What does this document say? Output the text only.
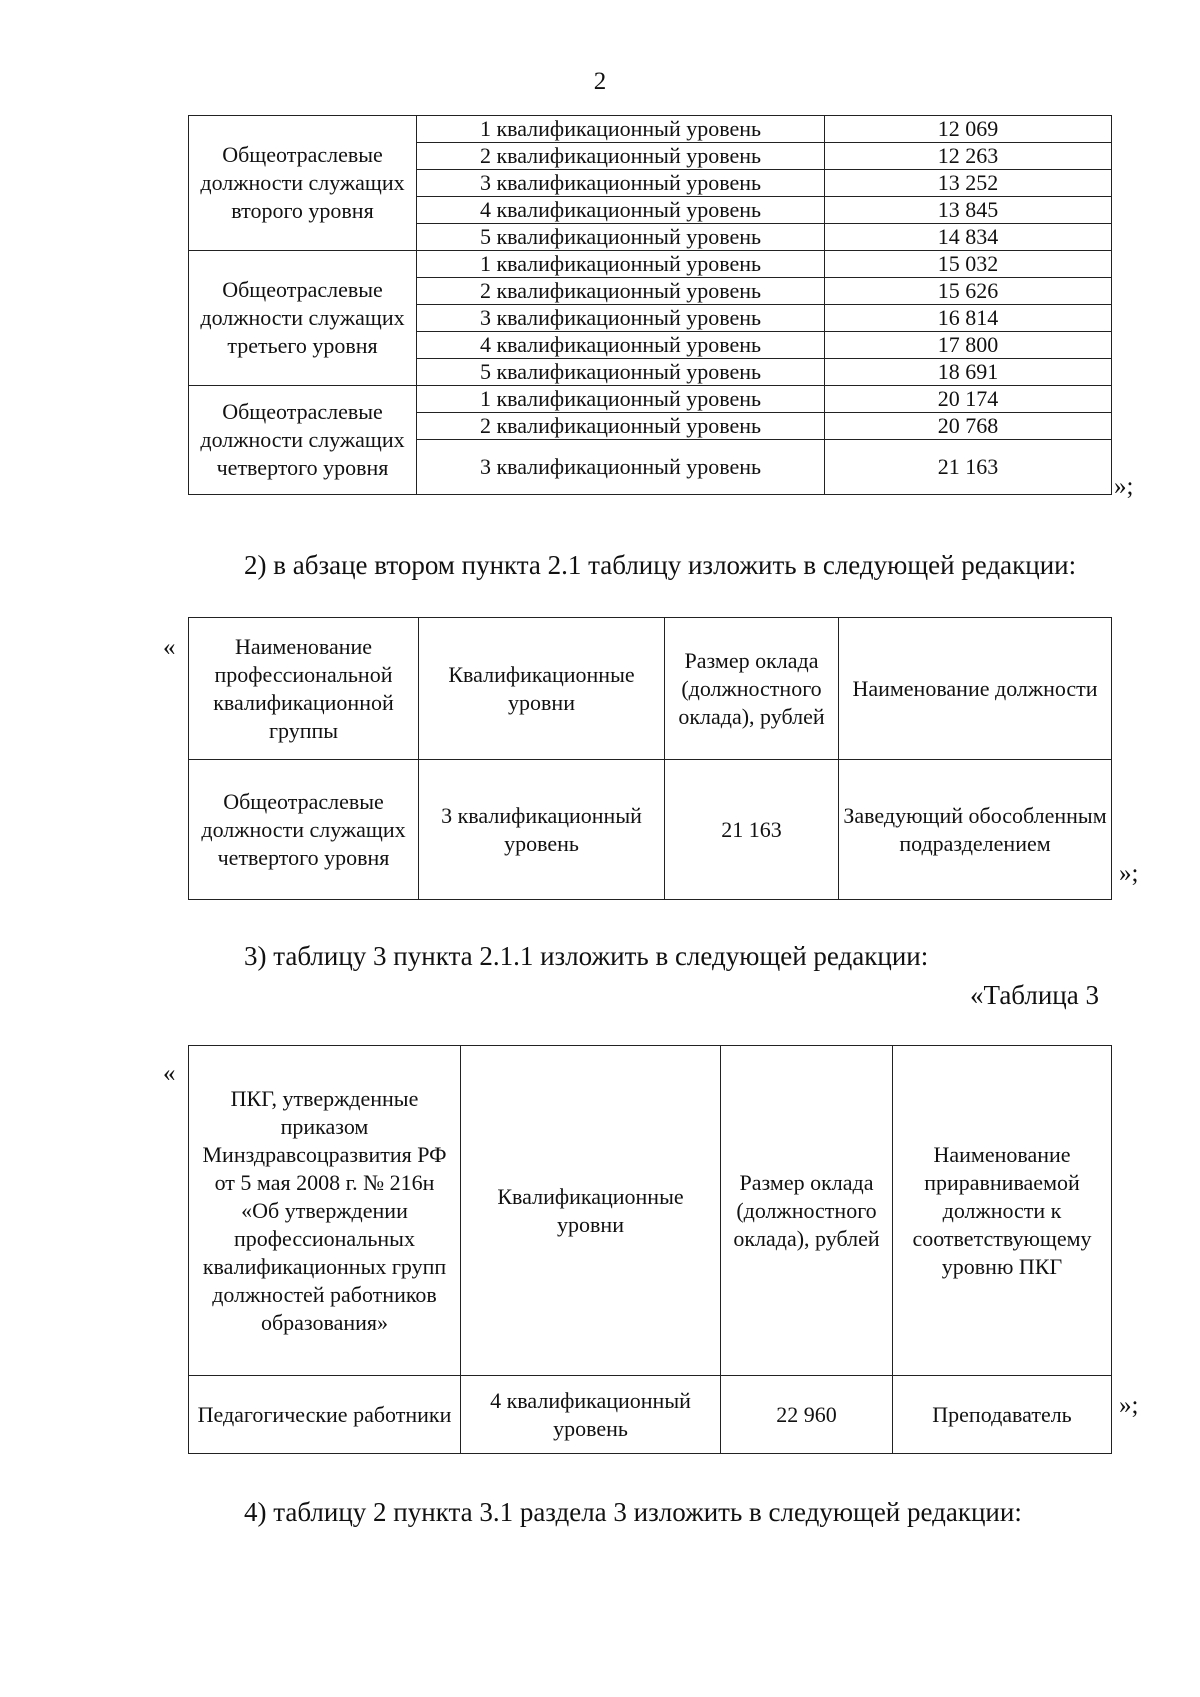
2
Общеотраслевые должности служащих второго уровня	1 квалификационный уровень	12 069
	2 квалификационный уровень	12 263
	3 квалификационный уровень	13 252
	4 квалификационный уровень	13 845
	5 квалификационный уровень	14 834
Общеотраслевые должности служащих третьего уровня	1 квалификационный уровень	15 032
	2 квалификационный уровень	15 626
	3 квалификационный уровень	16 814
	4 квалификационный уровень	17 800
	5 квалификационный уровень	18 691
Общеотраслевые должности служащих четвертого уровня	1 квалификационный уровень	20 174
	2 квалификационный уровень	20 768
	3 квалификационный уровень	21 163
»;
2) в абзаце втором пункта 2.1 таблицу изложить в следующей редакции:
«	Наименование профессиональной квалификационной группы	Квалификационные уровни	Размер оклада (должностного оклада), рублей	Наименование должности
Общеотраслевые должности служащих четвертого уровня	3 квалификационный уровень	21 163	Заведующий обособленным подразделением
»;
3) таблицу 3 пункта 2.1.1 изложить в следующей редакции:
«Таблица 3
«
ПКГ, утвержденные приказом Минздравсоцразвития РФ от 5 мая 2008 г. № 216н «Об утверждении профессиональных квалификационных групп должностей работников образования»	Квалификационные уровни	Размер оклада (должностного оклада), рублей	Наименование приравниваемой должности к соответствующему уровню ПКГ
Педагогические работники	4 квалификационный уровень	22 960	Преподаватель »;
4) таблицу 2 пункта 3.1 раздела 3 изложить в следующей редакции:
